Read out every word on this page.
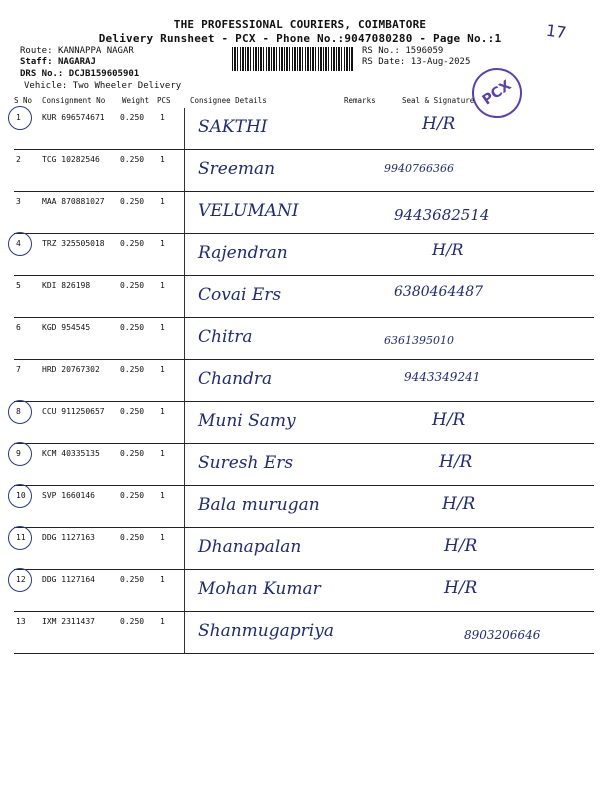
THE PROFESSIONAL COURIERS, COIMBATORE
Delivery Runsheet - PCX - Phone No.:9047080280 - Page No.:1	17
Route: KANNAPPA NAGAR
Staff: NAGARAJ
DRS No.: DCJB159605901
Vehicle: Two Wheeler Delivery
RS No.: 1596059
RS Date: 13-Aug-2025
PCX
S No Consignment No Weight PCS	Consignee Details	Remarks	Seal & Signature
1	KUR 696574671 0.250 1 SAKTHI	H/R
2	TCG 10282546	0.250 1 Sreeman	9940766366
3	MAA 870881027 0.250 1 VELUMANI	9443682514
4	TRZ 325505018 0.250 1 Rajendran	H/R
5	KDI 826198	0.250 1 Covai Ers	6380464487
6	KGD 954545	0.250 1 Chitra	6361395010
7	HRD 20767302	0.250 1 Chandra	9443349241
8	CCU 911250657 0.250 1 Muni Samy	H/R
9	KCM 40335135	0.250 1 Suresh Ers	H/R
10 SVP 1660146	0.250 1 Bala murugan	H/R
11 DDG 1127163	0.250 1 Dhanapalan	H/R
12 DDG 1127164	0.250 1 Mohan Kumar	H/R
13 IXM 2311437	0.250 1 Shanmugapriya	8903206646
